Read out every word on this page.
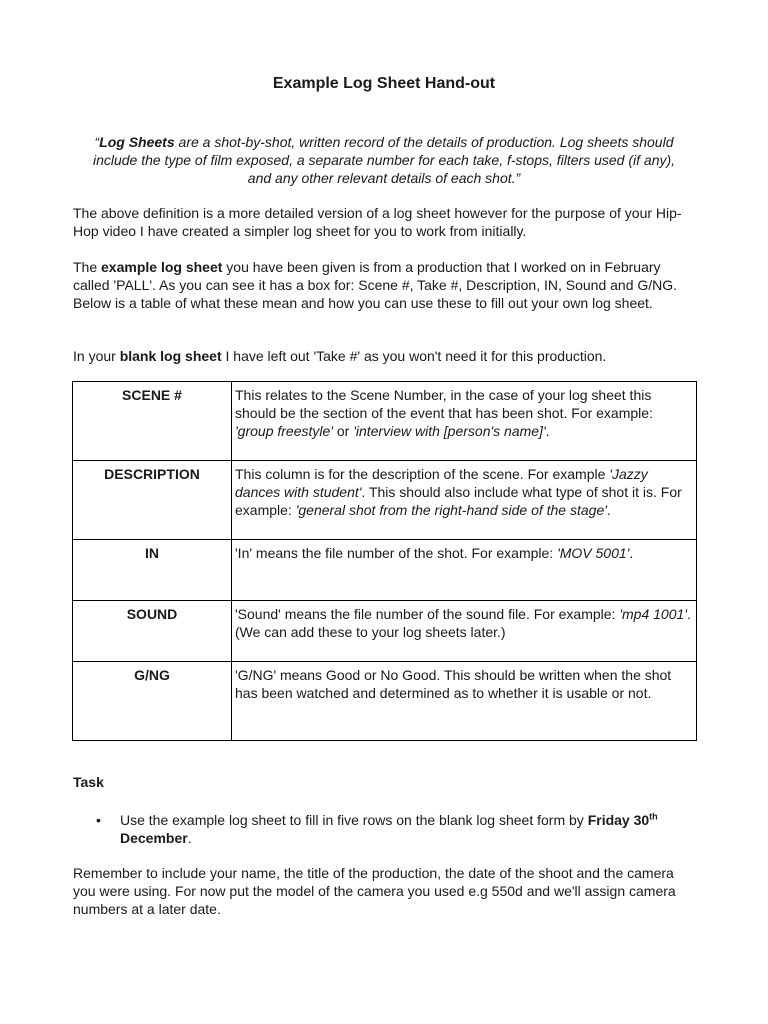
Example Log Sheet Hand-out
“Log Sheets are a shot-by-shot, written record of the details of production. Log sheets should include the type of film exposed, a separate number for each take, f-stops, filters used (if any), and any other relevant details of each shot.”

The above definition is a more detailed version of a log sheet however for the purpose of your Hip-Hop video I have created a simpler log sheet for you to work from initially.

The example log sheet you have been given is from a production that I worked on in February called 'PALL'. As you can see it has a box for: Scene #, Take #, Description, IN, Sound and G/NG. Below is a table of what these mean and how you can use these to fill out your own log sheet.

In your blank log sheet I have left out 'Take #' as you won't need it for this production.

SCENE #	This relates to the Scene Number, in the case of your log sheet this should be the section of the event that has been shot. For example: 'group freestyle' or 'interview with [person's name]'.
DESCRIPTION	This column is for the description of the scene. For example 'Jazzy dances with student'. This should also include what type of shot it is. For example: 'general shot from the right-hand side of the stage'.
IN	'In' means the file number of the shot. For example: 'MOV 5001'.
SOUND	'Sound' means the file number of the sound file. For example: 'mp4 1001'. (We can add these to your log sheets later.)
G/NG	'G/NG' means Good or No Good. This should be written when the shot has been watched and determined as to whether it is usable or not.
Task
• Use the example log sheet to fill in five rows on the blank log sheet form by Friday 30th December.

Remember to include your name, the title of the production, the date of the shoot and the camera you were using. For now put the model of the camera you used e.g 550d and we'll assign camera numbers at a later date.
